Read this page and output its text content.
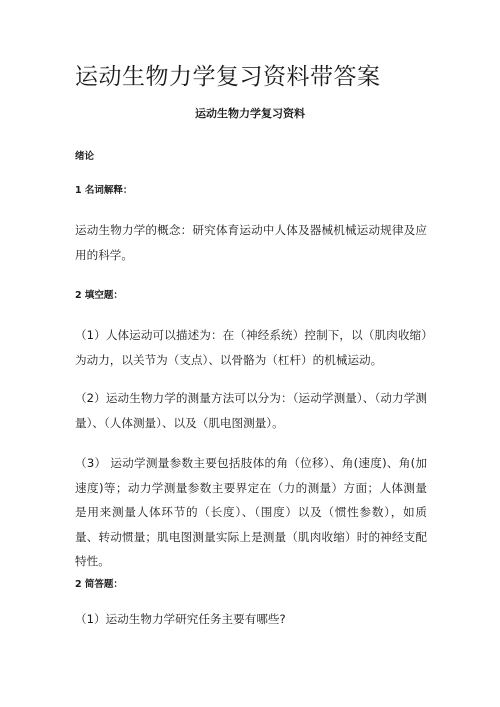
运动生物力学复习资料带答案
运动生物力学复习资料
绪论
1 名词解释：
运动生物力学的概念：研究体育运动中人体及器械机械运动规律及应用的科学。
2 填空题：
（1）人体运动可以描述为：在（神经系统）控制下，以（肌肉收缩）为动力，以关节为（支点）、以骨骼为（杠杆）的机械运动。
（2）运动生物力学的测量方法可以分为：（运动学测量）、（动力学测量）、（人体测量）、以及（肌电图测量）。
（3） 运动学测量参数主要包括肢体的角（位移）、角(速度)、角(加速度)等；动力学测量参数主要界定在（力的测量）方面；人体测量是用来测量人体环节的（长度）、（围度）以及（惯性参数），如质量、转动惯量；肌电图测量实际上是测量（肌肉收缩）时的神经支配特性。
2 简答题：
（1）运动生物力学研究任务主要有哪些?
